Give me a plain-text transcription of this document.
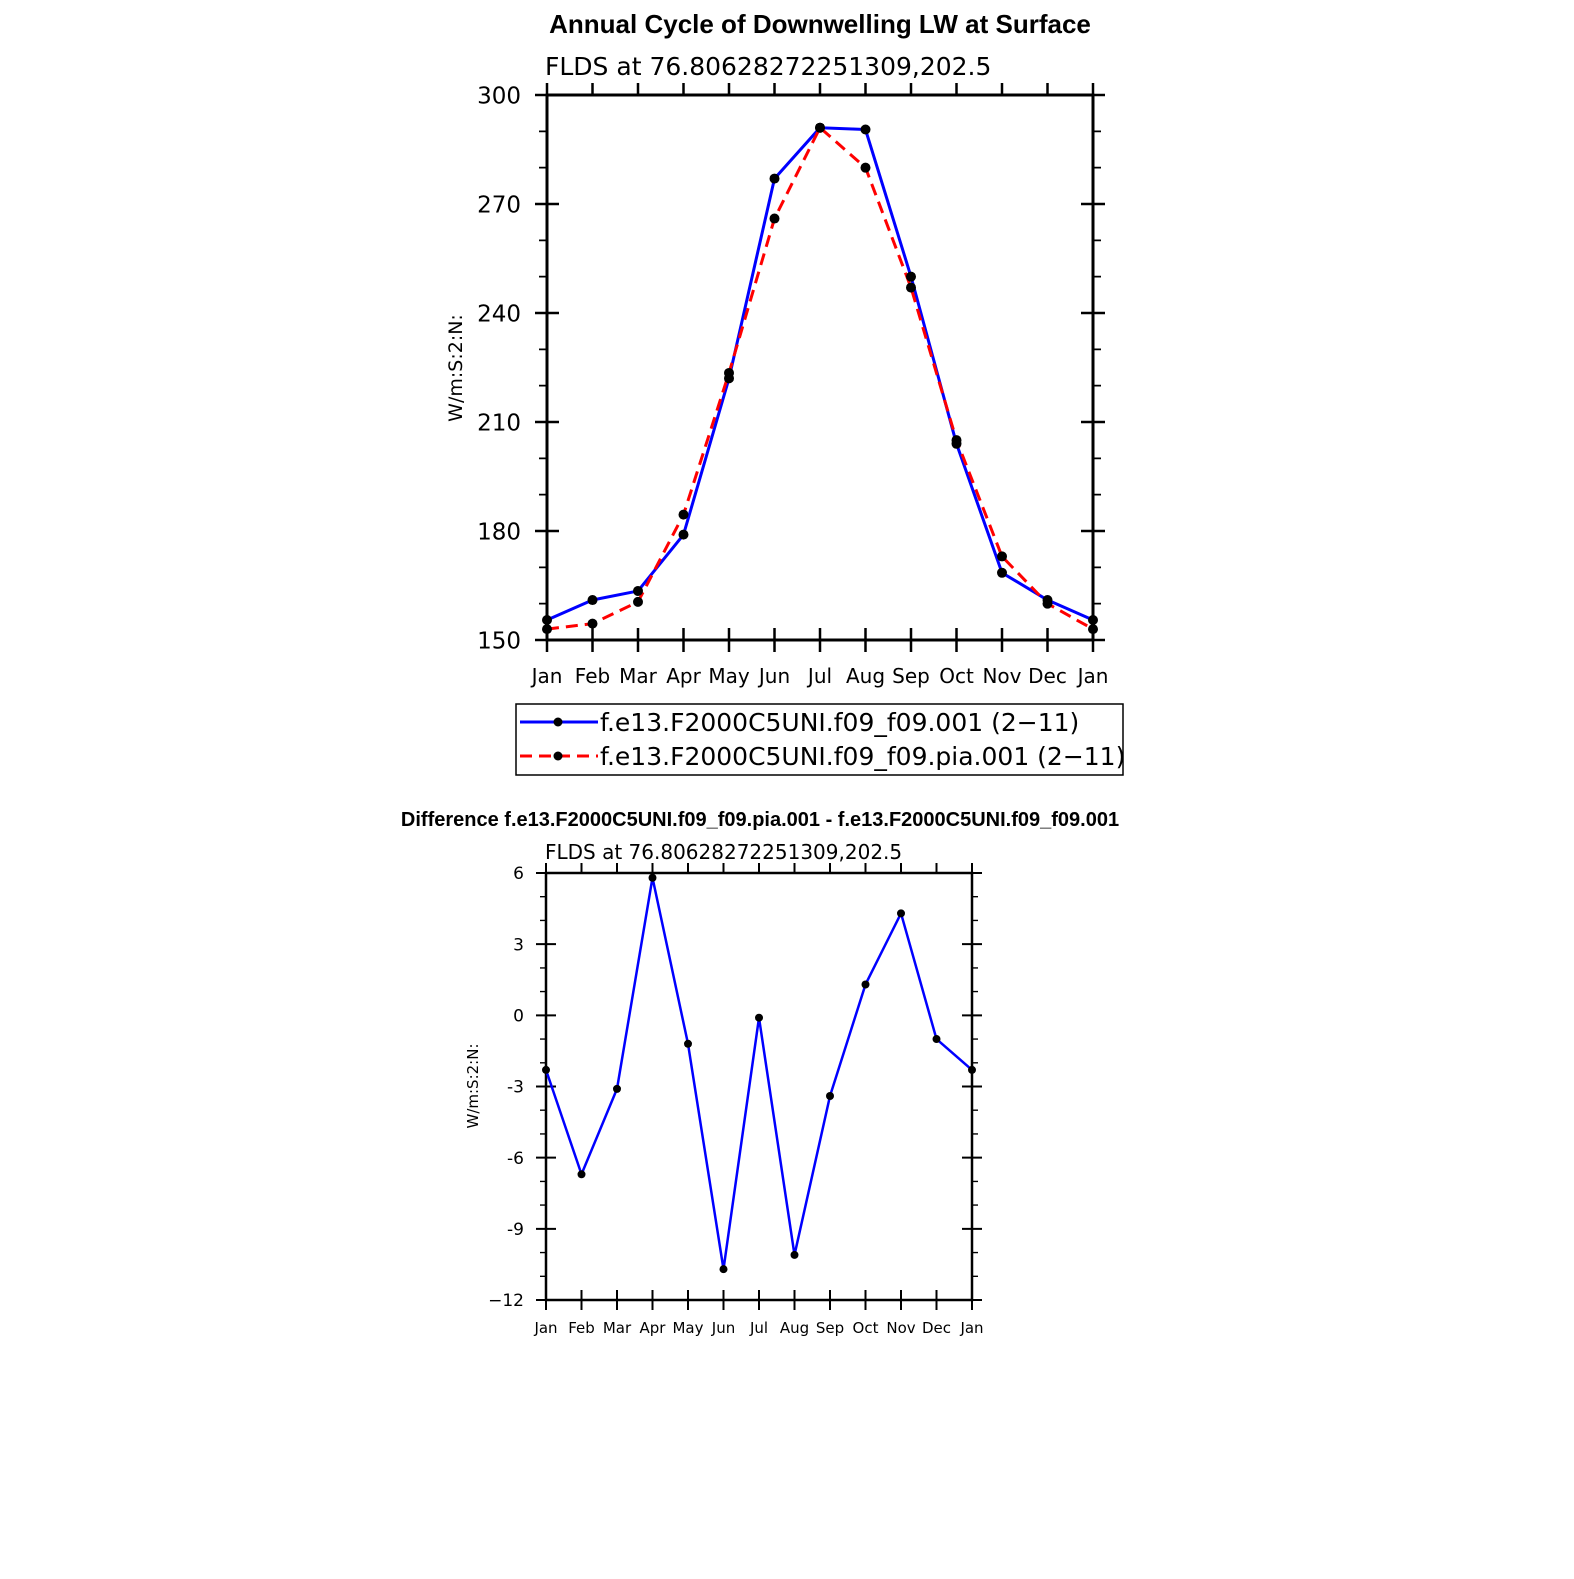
Annual Cycle of Downwelling LW at Surface
FLDS at 76.80628272251309,202.5
W/m:S:2:N:
Jan Feb Mar Apr May Jun Jul Aug Sep Oct Nov Dec Jan
150
180
210
240
270
300
f.e13.F2000C5UNI.f09_f09.001 (2−11)
f.e13.F2000C5UNI.f09_f09.pia.001 (2−11)
Difference f.e13.F2000C5UNI.f09_f09.pia.001 - f.e13.F2000C5UNI.f09_f09.001
FLDS at 76.80628272251309,202.5
W/m:S:2:N:
Jan Feb Mar Apr May Jun Jul Aug Sep Oct Nov Dec Jan
−12
-9
-6
-3
0
3
6
